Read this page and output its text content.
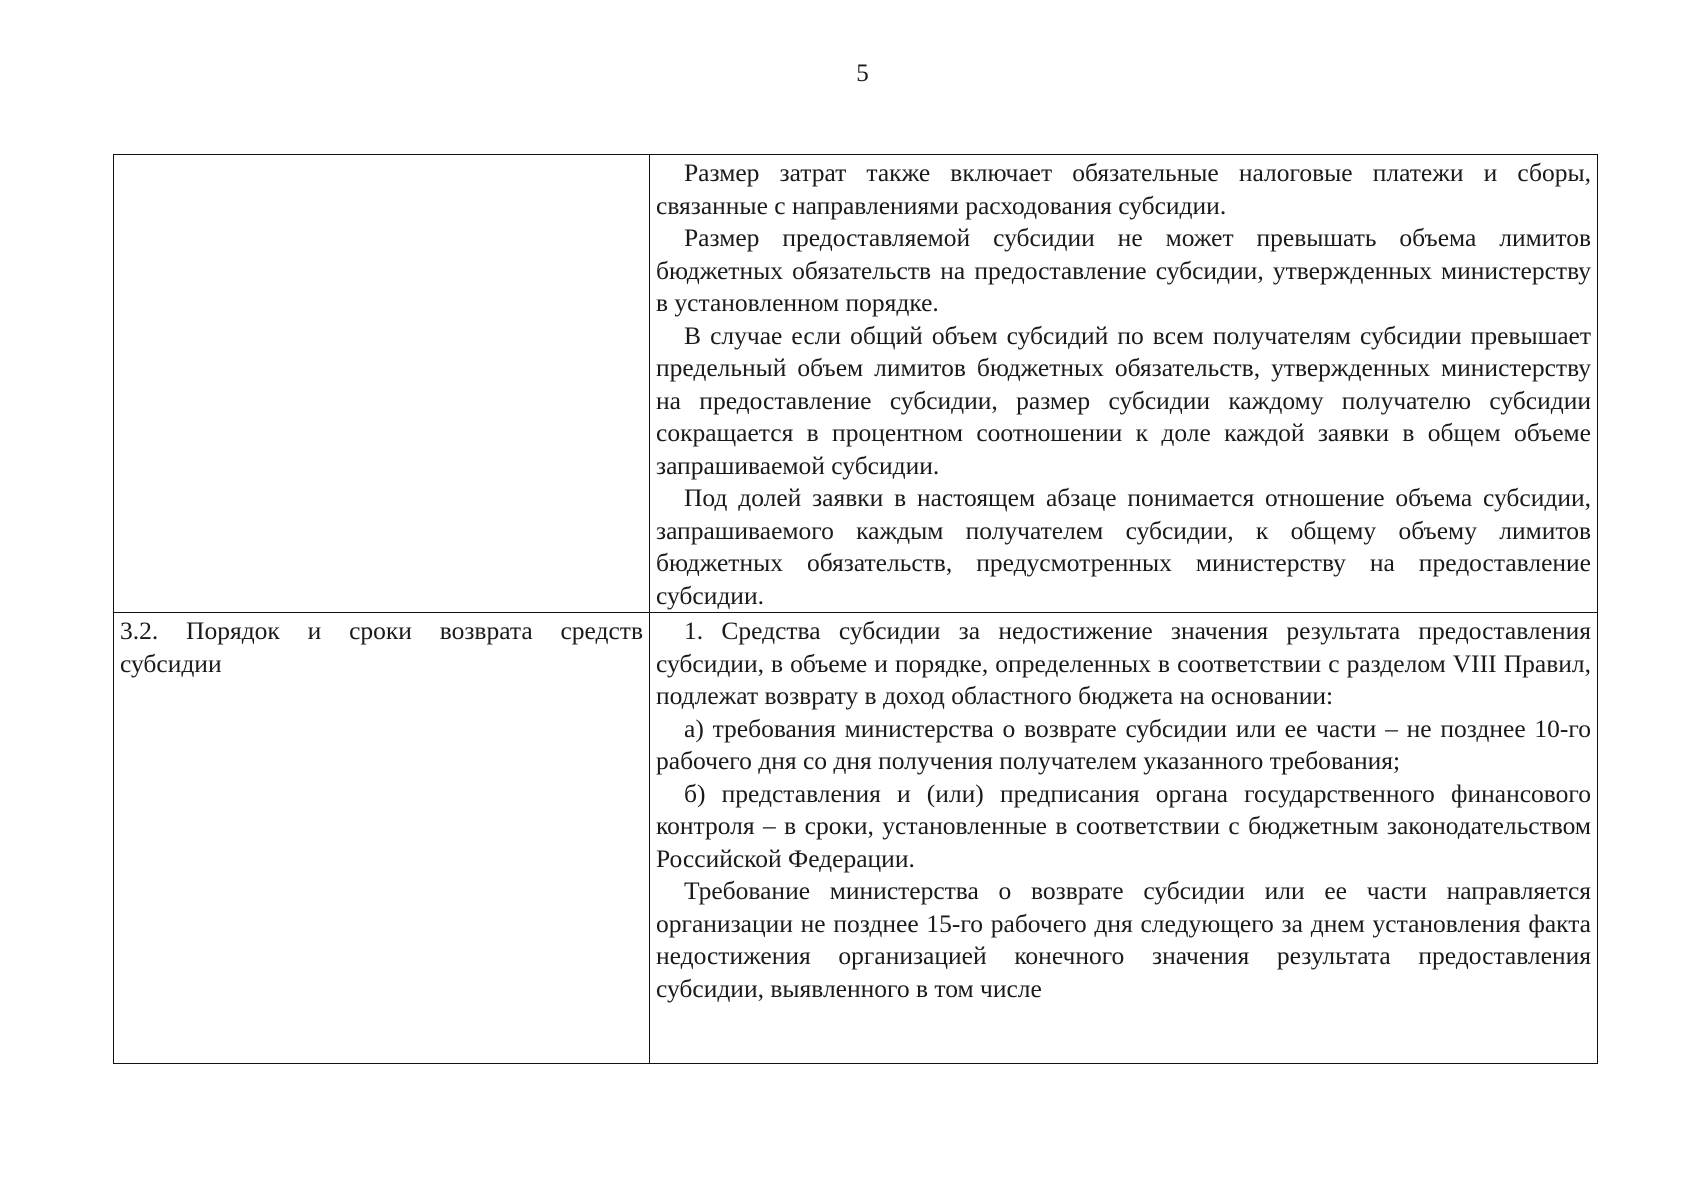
5

	Размер затрат также включает обязательные налоговые платежи и сборы, связанные с направлениями расходования субсидии.

Размер предоставляемой субсидии не может превышать объема лимитов бюджетных обязательств на предоставление субсидии, утвержденных министерству в установленном порядке.

В случае если общий объем субсидий по всем получателям субсидии превышает предельный объем лимитов бюджетных обязательств, утвержденных министерству на предоставление субсидии, размер субсидии каждому получателю субсидии сокращается в процентном соотношении к доле каждой заявки в общем объеме запрашиваемой субсидии.

Под долей заявки в настоящем абзаце понимается отношение объема субсидии, запрашиваемого каждым получателем субсидии, к общему объему лимитов бюджетных обязательств, предусмотренных министерству на предоставление субсидии.

3.2. Порядок и сроки возврата средств субсидии	1. Средства субсидии за недостижение значения результата предоставления субсидии, в объеме и порядке, определенных в соответствии с разделом VIII Правил, подлежат возврату в доход областного бюджета на основании:

а) требования министерства о возврате субсидии или ее части – не позднее 10-го рабочего дня со дня получения получателем указанного требования;

б) представления и (или) предписания органа государственного финансового контроля – в сроки, установленные в соответствии с бюджетным законодательством Российской Федерации.

Требование министерства о возврате субсидии или ее части направляется организации не позднее 15-го рабочего дня следующего за днем установления факта недостижения организацией конечного значения результата предоставления субсидии, выявленного в том числе
